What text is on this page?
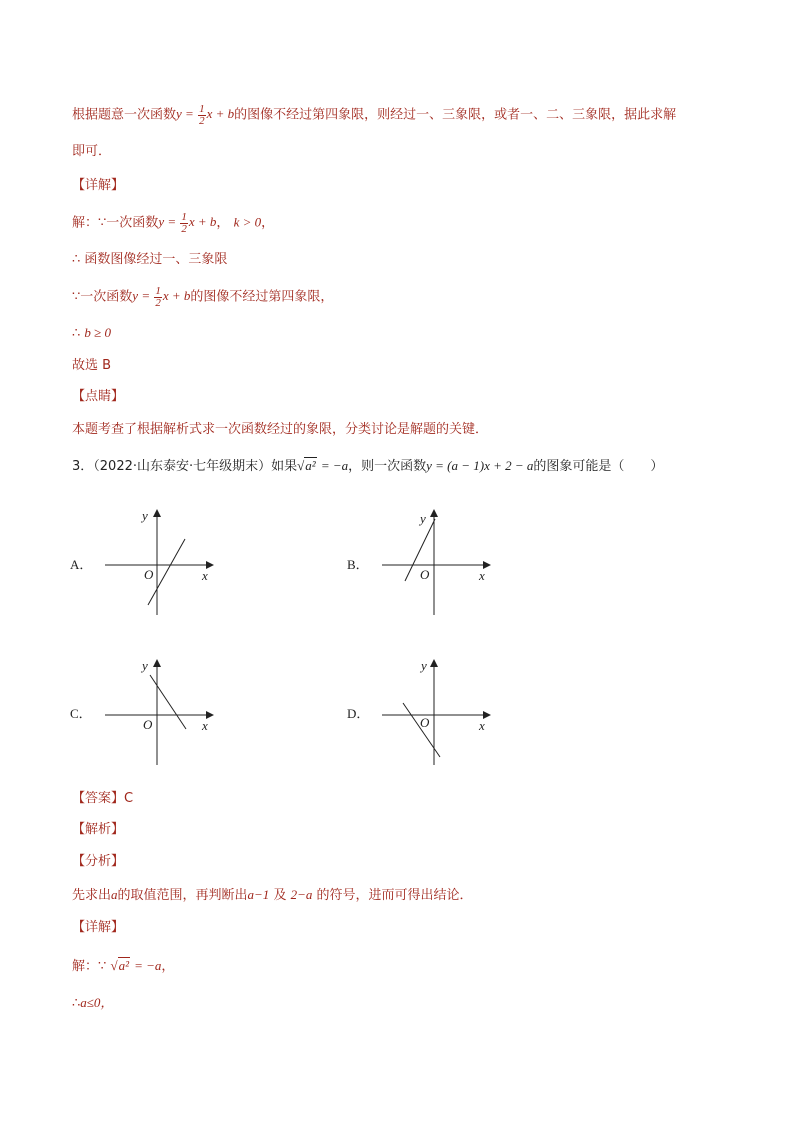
根据题意一次函数$y = \frac{1}{2}$ x + b的图像不经过第四象限，则经过一、三象限，或者一、二、三象限，据此求解
即可．
【详解】
解：∵一次函数$y = \frac{1}{2}$ x + b， k > 0，
∴ 函数图像经过一、三象限
∵一次函数$y = \frac{1}{2}$ x + b的图像不经过第四象限，
∴ b ≥ 0
故选 B
【点睛】
本题考查了根据解析式求一次函数经过的象限，分类讨论是解题的关键．
3．（2022·山东泰安·七年级期末）如果√a² = −a，则一次函数y = (a − 1)x + 2 − a的图象可能是（　　）
A．
y
x
O
B．
y
x
O
C．
y
x
O
D．
y
x
O
【答案】C
【解析】
【分析】
先求出a的取值范围，再判断出a−1 及 2−a 的符号，进而可得出结论．
【详解】
解：∵ √a² = −a，
∴a≤0，
